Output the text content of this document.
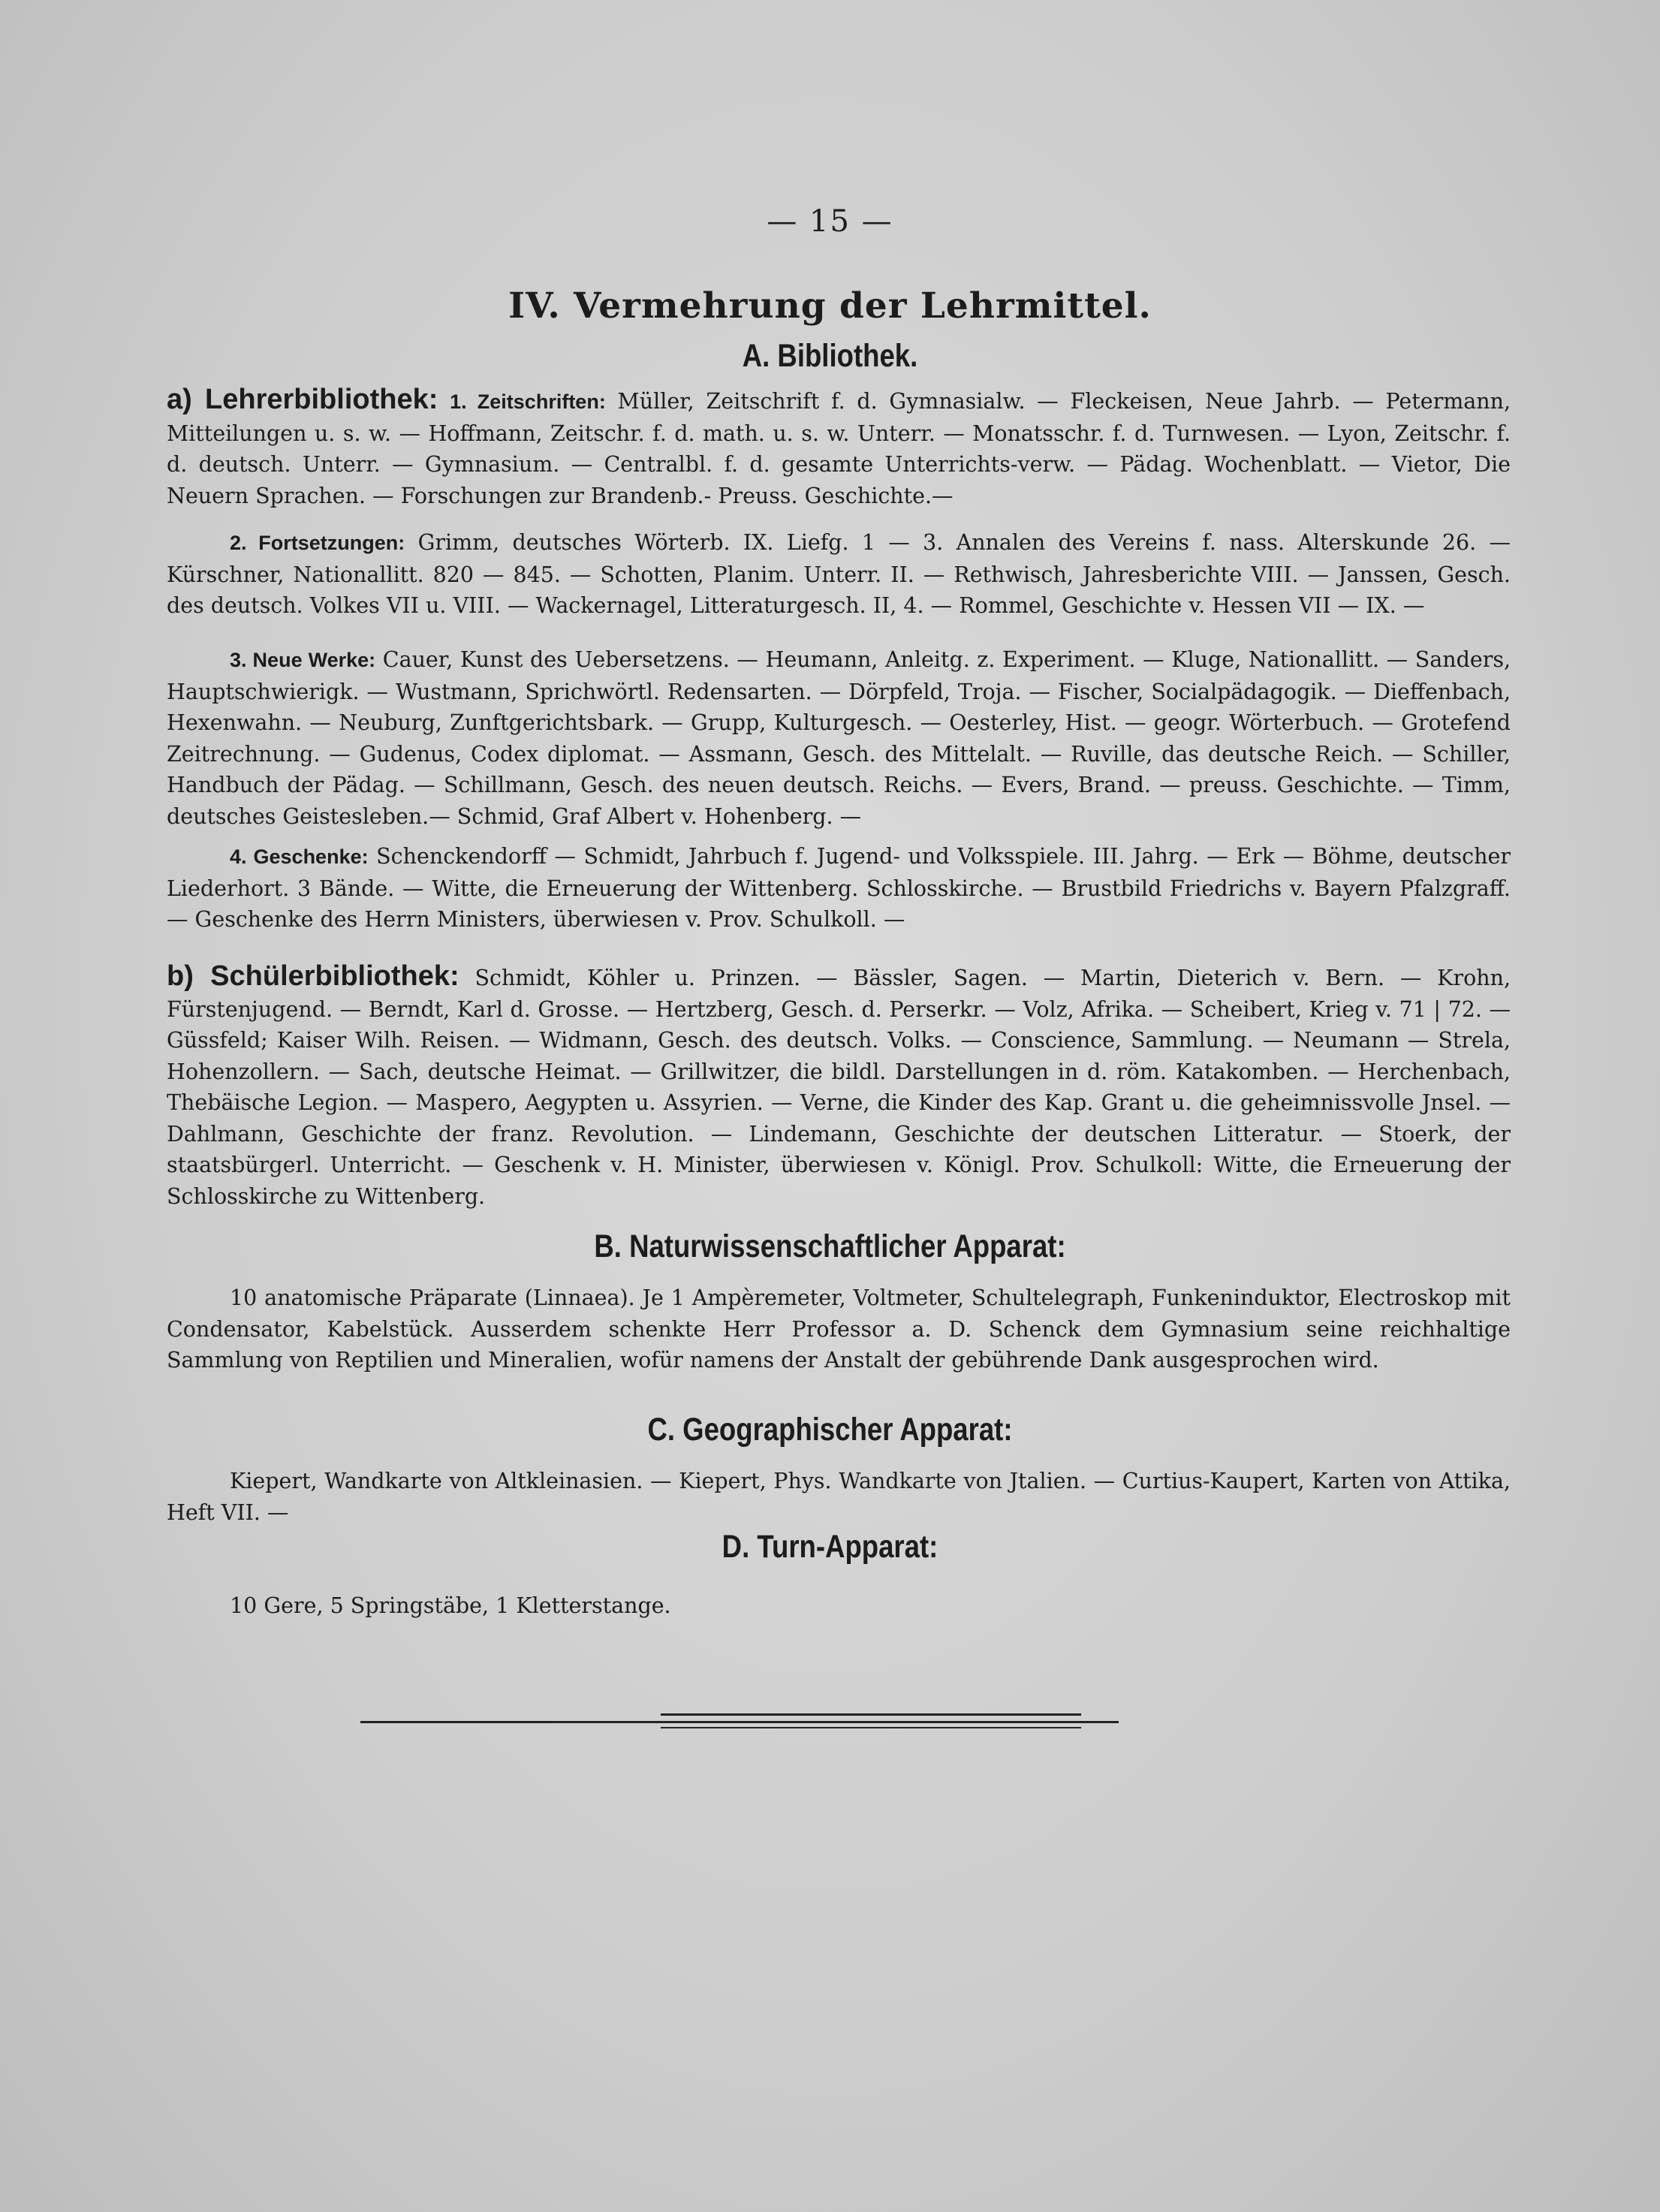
— 15 —
IV. Vermehrung der Lehrmittel.
A. Bibliothek.
a) Lehrerbibliothek: 1. Zeitschriften: Müller, Zeitschrift f. d. Gymnasialw. — Fleckeisen, Neue Jahrb. — Petermann, Mitteilungen u. s. w. — Hoffmann, Zeitschr. f. d. math. u. s. w. Unterr. — Monatsschr. f. d. Turnwesen. — Lyon, Zeitschr. f. d. deutsch. Unterr. — Gymnasium. — Centralbl. f. d. gesamte Unterrichts-verw. — Pädag. Wochenblatt. — Vietor, Die Neuern Sprachen. — Forschungen zur Brandenb.- Preuss. Geschichte.—
2. Fortsetzungen: Grimm, deutsches Wörterb. IX. Liefg. 1 — 3. Annalen des Vereins f. nass. Alterskunde 26. — Kürschner, Nationallitt. 820 — 845. — Schotten, Planim. Unterr. II. — Rethwisch, Jahresberichte VIII. — Janssen, Gesch. des deutsch. Volkes VII u. VIII. — Wackernagel, Litteraturgesch. II, 4. — Rommel, Geschichte v. Hessen VII — IX. —
3. Neue Werke: Cauer, Kunst des Uebersetzens. — Heumann, Anleitg. z. Experiment. — Kluge, Nationallitt. — Sanders, Hauptschwierigk. — Wustmann, Sprichwörtl. Redensarten. — Dörpfeld, Troja. — Fischer, Socialpädagogik. — Dieffenbach, Hexenwahn. — Neuburg, Zunftgerichtsbark. — Grupp, Kulturgesch. — Oesterley, Hist. — geogr. Wörterbuch. — Grotefend Zeitrechnung. — Gudenus, Codex diplomat. — Assmann, Gesch. des Mittelalt. — Ruville, das deutsche Reich. — Schiller, Handbuch der Pädag. — Schillmann, Gesch. des neuen deutsch. Reichs. — Evers, Brand. — preuss. Geschichte. — Timm, deutsches Geistesleben.— Schmid, Graf Albert v. Hohenberg. —
4. Geschenke: Schenckendorff — Schmidt, Jahrbuch f. Jugend- und Volksspiele. III. Jahrg. — Erk — Böhme, deutscher Liederhort. 3 Bände. — Witte, die Erneuerung der Wittenberg. Schlosskirche. — Brustbild Friedrichs v. Bayern Pfalzgraff. — Geschenke des Herrn Ministers, überwiesen v. Prov. Schulkoll. —
b) Schülerbibliothek: Schmidt, Köhler u. Prinzen. — Bässler, Sagen. — Martin, Dieterich v. Bern. — Krohn, Fürstenjugend. — Berndt, Karl d. Grosse. — Hertzberg, Gesch. d. Perserkr. — Volz, Afrika. — Scheibert, Krieg v. 71 | 72. — Güssfeld; Kaiser Wilh. Reisen. — Widmann, Gesch. des deutsch. Volks. — Conscience, Sammlung. — Neumann — Strela, Hohenzollern. — Sach, deutsche Heimat. — Grillwitzer, die bildl. Darstellungen in d. röm. Katakomben. — Herchenbach, Thebäische Legion. — Maspero, Aegypten u. Assyrien. — Verne, die Kinder des Kap. Grant u. die geheimnissvolle Jnsel. — Dahlmann, Geschichte der franz. Revolution. — Lindemann, Geschichte der deutschen Litteratur. — Stoerk, der staatsbürgerl. Unterricht. — Geschenk v. H. Minister, überwiesen v. Königl. Prov. Schulkoll: Witte, die Erneuerung der Schlosskirche zu Wittenberg.
B. Naturwissenschaftlicher Apparat:
10 anatomische Präparate (Linnaea). Je 1 Ampèremeter, Voltmeter, Schultelegraph, Funkeninduktor, Electroskop mit Condensator, Kabelstück. Ausserdem schenkte Herr Professor a. D. Schenck dem Gymnasium seine reichhaltige Sammlung von Reptilien und Mineralien, wofür namens der Anstalt der gebührende Dank ausgesprochen wird.
C. Geographischer Apparat:
Kiepert, Wandkarte von Altkleinasien. — Kiepert, Phys. Wandkarte von Jtalien. — Curtius-Kaupert, Karten von Attika, Heft VII. —
D. Turn-Apparat:
10 Gere, 5 Springstäbe, 1 Kletterstange.
